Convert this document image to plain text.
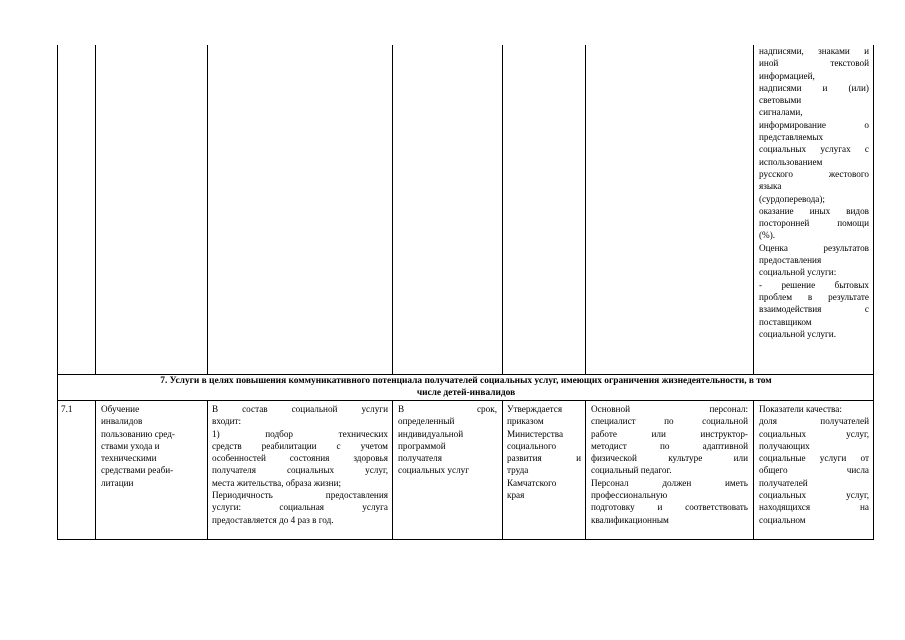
надписями, знаками и
иной текстовой
информацией,
надписями и (или)
световыми
сигналами,
информирование о
представляемых
социальных услугах с
использованием
русского жестового
языка
(сурдоперевода);
оказание иных видов
посторонней помощи
(%).
Оценка результатов
предоставления
социальной услуги:
- решение бытовых
проблем в результате
взаимодействия с
поставщиком
социальной услуги.
7. Услуги в целях повышения коммуникативного потенциала получателей социальных услуг, имеющих ограничения жизнедеятельности, в том
числе детей-инвалидов
7.1	Обучение
инвалидов
пользованию сред-
ствами ухода и
техническими
средствами реаби-
литации
В состав социальной услуги
входит:
1) подбор технических
средств реабилитации с учетом
особенностей состояния здоровья
получателя социальных услуг,
места жительства, образа жизни;
Периодичность предоставления
услуги: социальная услуга
предоставляется до 4 раз в год.
В срок,
определенный
индивидуальной
программой
получателя
социальных услуг
Утверждается
приказом
Министерства
социального
развития и
труда
Камчатского
края
Основной персонал:
специалист по социальной
работе или инструктор-
методист по адаптивной
физической культуре или
социальный педагог.
Персонал должен иметь
профессиональную
подготовку и соответствовать
квалификационным
Показатели качества:
доля получателей
социальных услуг,
получающих
социальные услуги от
общего числа
получателей
социальных услуг,
находящихся на
социальном
